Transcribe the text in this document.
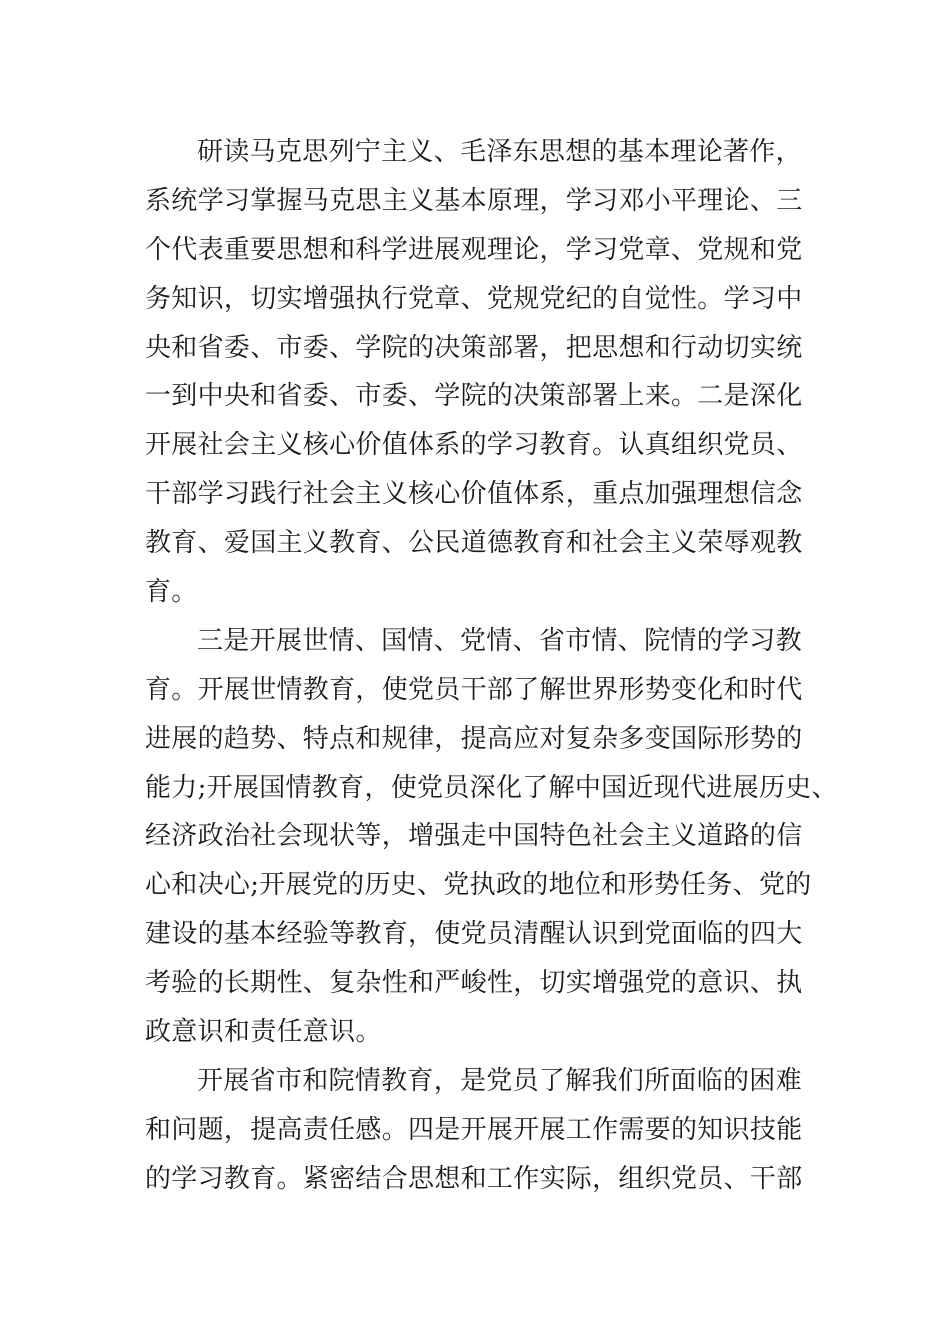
研读马克思列宁主义、毛泽东思想的基本理论著作，
系统学习掌握马克思主义基本原理，学习邓小平理论、三
个代表重要思想和科学进展观理论，学习党章、党规和党
务知识，切实增强执行党章、党规党纪的自觉性。学习中
央和省委、市委、学院的决策部署，把思想和行动切实统
一到中央和省委、市委、学院的决策部署上来。二是深化
开展社会主义核心价值体系的学习教育。认真组织党员、
干部学习践行社会主义核心价值体系，重点加强理想信念
教育、爱国主义教育、公民道德教育和社会主义荣辱观教
育。
三是开展世情、国情、党情、省市情、院情的学习教
育。开展世情教育，使党员干部了解世界形势变化和时代
进展的趋势、特点和规律，提高应对复杂多变国际形势的
能力;开展国情教育，使党员深化了解中国近现代进展历史、
经济政治社会现状等，增强走中国特色社会主义道路的信
心和决心;开展党的历史、党执政的地位和形势任务、党的
建设的基本经验等教育，使党员清醒认识到党面临的四大
考验的长期性、复杂性和严峻性，切实增强党的意识、执
政意识和责任意识。
开展省市和院情教育，是党员了解我们所面临的困难
和问题，提高责任感。四是开展开展工作需要的知识技能
的学习教育。紧密结合思想和工作实际，组织党员、干部
